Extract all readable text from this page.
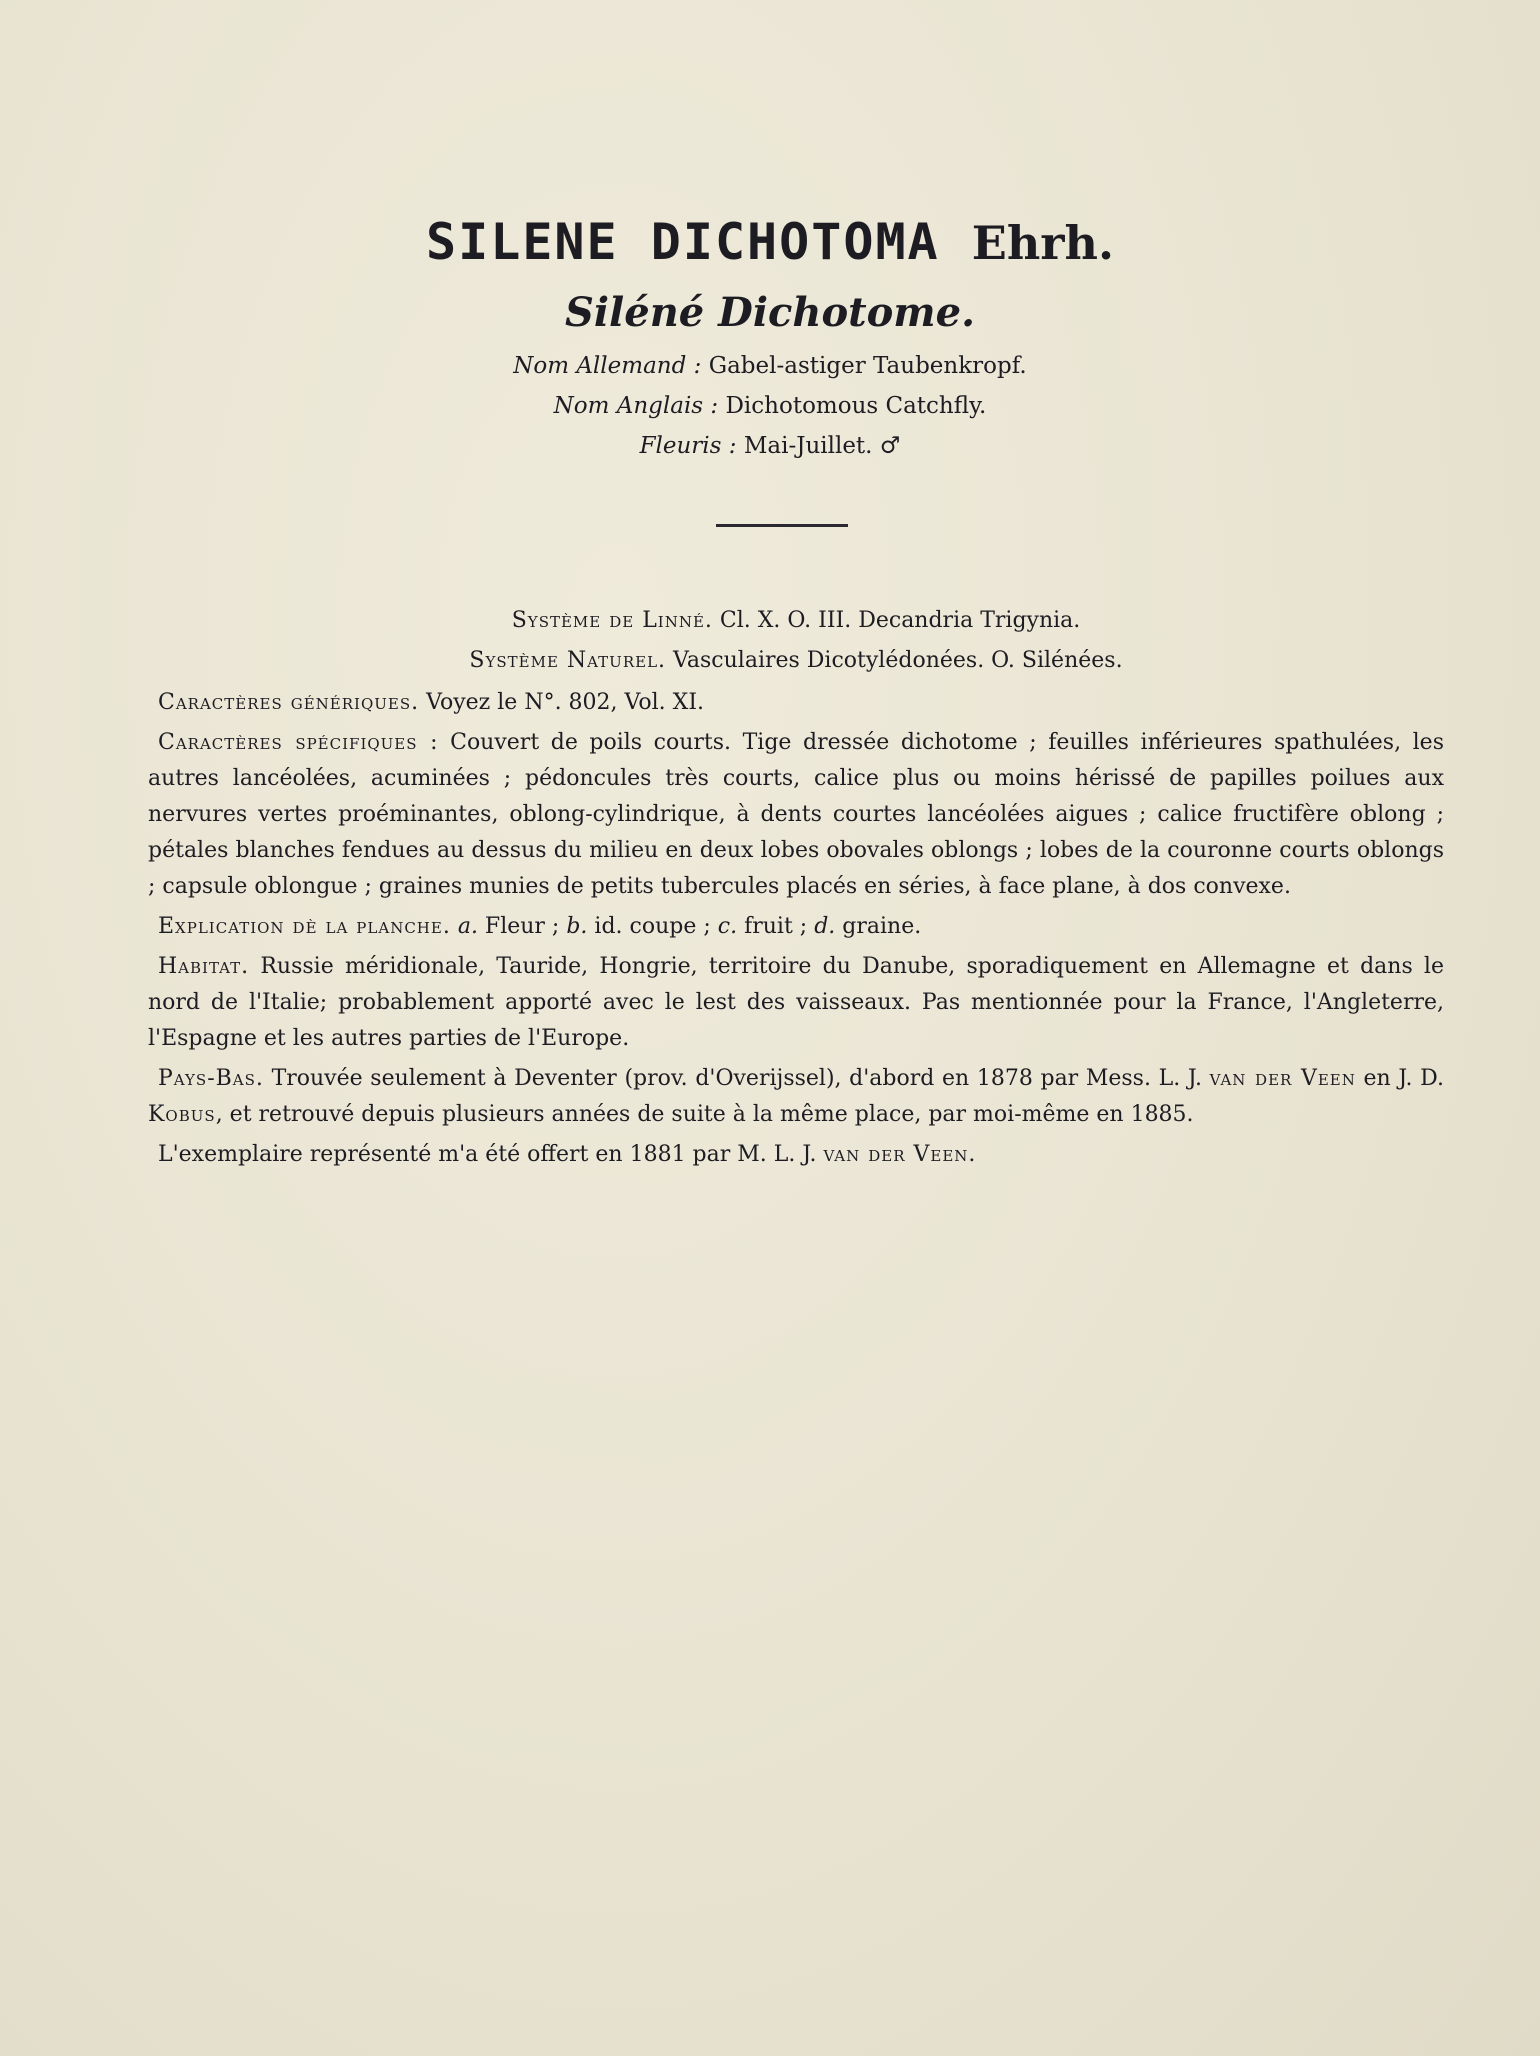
SILENE DICHOTOMA Ehrh.
Siléné Dichotome.
Nom Allemand : Gabel-astiger Taubenkropf.
Nom Anglais : Dichotomous Catchfly.
Fleuris : Mai-Juillet. ♂

Système de Linné. Cl. X. O. III. Decandria Trigynia.

Système Naturel. Vasculaires Dicotylédonées. O. Silénées.

Caractères génériques. Voyez le N°. 802, Vol. XI.

Caractères spécifiques : Couvert de poils courts. Tige dressée dichotome ; feuilles inférieures spathulées, les autres lancéolées, acuminées ; pédoncules très courts, calice plus ou moins hérissé de papilles poilues aux nervures vertes proéminantes, oblong-cylindrique, à dents courtes lancéolées aigues ; calice fructifère oblong ; pétales blanches fendues au dessus du milieu en deux lobes obovales oblongs ; lobes de la couronne courts oblongs ; capsule oblongue ; graines munies de petits tubercules placés en séries, à face plane, à dos convexe.

Explication dè la planche. a. Fleur ; b. id. coupe ; c. fruit ; d. graine.

Habitat. Russie méridionale, Tauride, Hongrie, territoire du Danube, sporadiquement en Allemagne et dans le nord de l'Italie; probablement apporté avec le lest des vaisseaux. Pas mentionnée pour la France, l'Angleterre, l'Espagne et les autres parties de l'Europe.

Pays-Bas. Trouvée seulement à Deventer (prov. d'Overijssel), d'abord en 1878 par Mess. L. J. van der Veen en J. D. Kobus, et retrouvé depuis plusieurs années de suite à la même place, par moi-même en 1885.

L'exemplaire représenté m'a été offert en 1881 par M. L. J. van der Veen.
